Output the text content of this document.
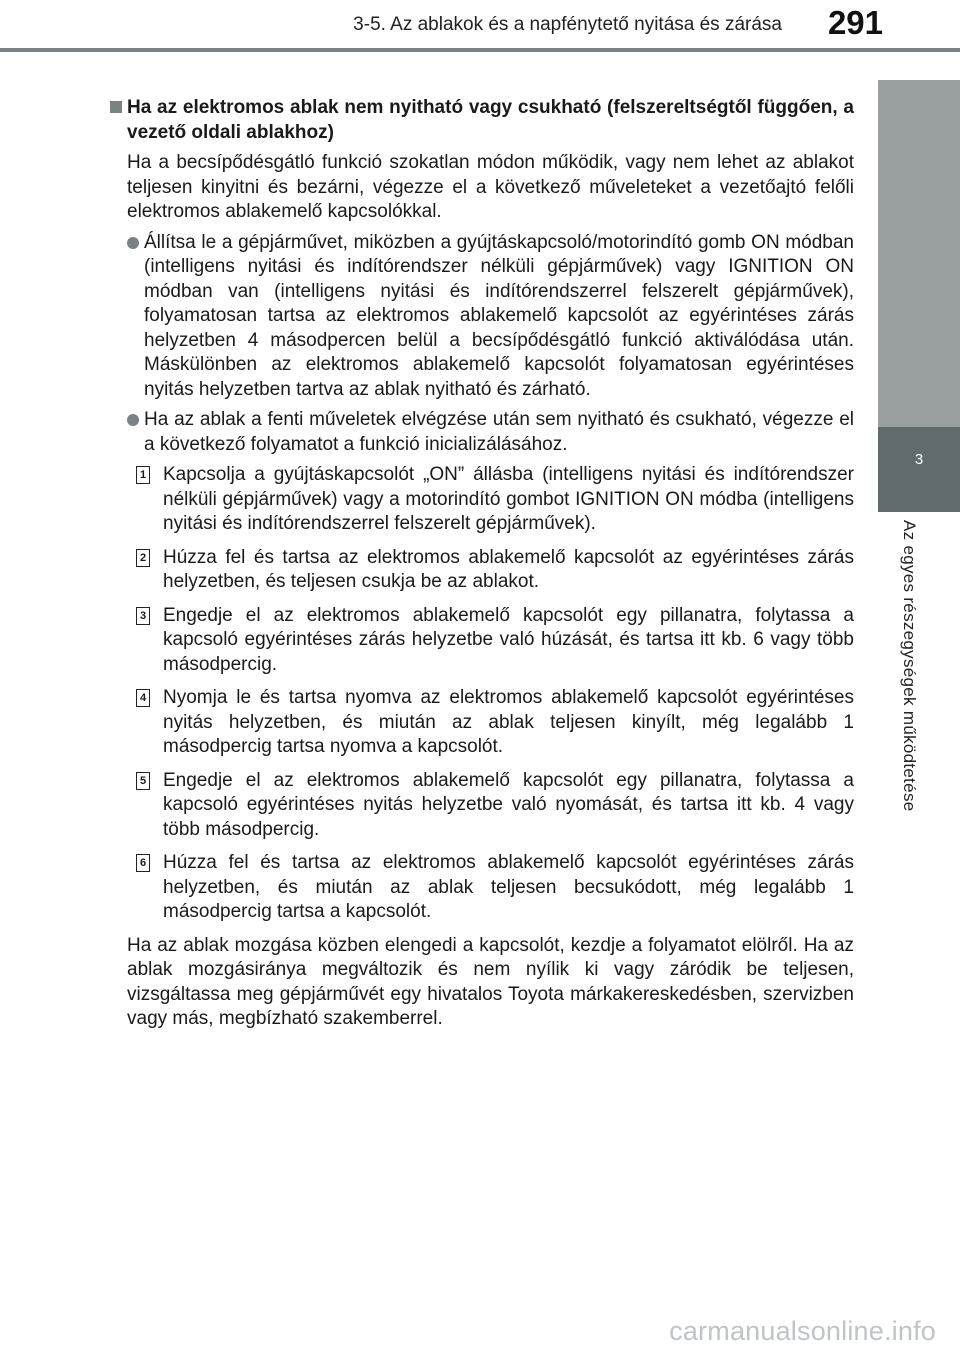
3-5. Az ablakok és a napfénytető nyitása és zárása 291
3
Az egyes részegységek működtetése
Ha az elektromos ablak nem nyitható vagy csukható (felszereltségtől függően, a vezető oldali ablakhoz)
Ha a becsípődésgátló funkció szokatlan módon működik, vagy nem lehet az ablakot teljesen kinyitni és bezárni, végezze el a következő műveleteket a vezetőajtó felőli elektromos ablakemelő kapcsolókkal.
Állítsa le a gépjárművet, miközben a gyújtáskapcsoló/motorindító gomb ON módban (intelligens nyitási és indítórendszer nélküli gépjárművek) vagy IGNITION ON módban van (intelligens nyitási és indítórendszerrel felszerelt gépjárművek), folyamatosan tartsa az elektromos ablakemelő kapcsolót az egyérintéses zárás helyzetben 4 másodpercen belül a becsípődésgátló funkció aktiválódása után. Máskülönben az elektromos ablakemelő kapcsolót folyamatosan egyérintéses nyitás helyzetben tartva az ablak nyitható és zárható.
Ha az ablak a fenti műveletek elvégzése után sem nyitható és csukható, végezze el a következő folyamatot a funkció inicializálásához.
1 Kapcsolja a gyújtáskapcsolót „ON” állásba (intelligens nyitási és indítórendszer nélküli gépjárművek) vagy a motorindító gombot IGNITION ON módba (intelligens nyitási és indítórendszerrel felszerelt gépjárművek).
2 Húzza fel és tartsa az elektromos ablakemelő kapcsolót az egyérintéses zárás helyzetben, és teljesen csukja be az ablakot.
3 Engedje el az elektromos ablakemelő kapcsolót egy pillanatra, folytassa a kapcsoló egyérintéses zárás helyzetbe való húzását, és tartsa itt kb. 6 vagy több másodpercig.
4 Nyomja le és tartsa nyomva az elektromos ablakemelő kapcsolót egyérintéses nyitás helyzetben, és miután az ablak teljesen kinyílt, még legalább 1 másodpercig tartsa nyomva a kapcsolót.
5 Engedje el az elektromos ablakemelő kapcsolót egy pillanatra, folytassa a kapcsoló egyérintéses nyitás helyzetbe való nyomását, és tartsa itt kb. 4 vagy több másodpercig.
6 Húzza fel és tartsa az elektromos ablakemelő kapcsolót egyérintéses zárás helyzetben, és miután az ablak teljesen becsukódott, még legalább 1 másodpercig tartsa a kapcsolót.
Ha az ablak mozgása közben elengedi a kapcsolót, kezdje a folyamatot elölről. Ha az ablak mozgásiránya megváltozik és nem nyílik ki vagy záródik be teljesen, vizsgáltassa meg gépjárművét egy hivatalos Toyota márkakereskedésben, szervizben vagy más, megbízható szakemberrel.
carmanualsonline.info
